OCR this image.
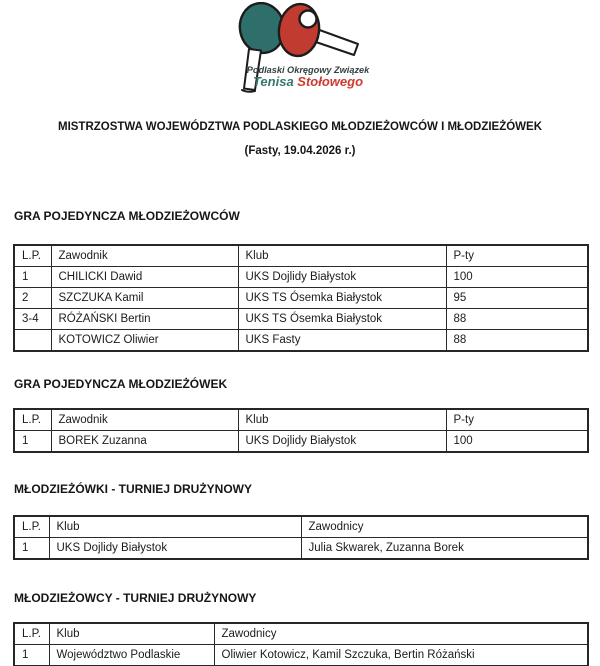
Podlaski Okręgowy Związek
Tenisa Stołowego
MISTRZOSTWA WOJEWÓDZTWA PODLASKIEGO MŁODZIEŻOWCÓW I MŁODZIEŻÓWEK
(Fasty, 19.04.2026 r.)
GRA POJEDYNCZA MŁODZIEŻOWCÓW
L.P.	Zawodnik	Klub	P-ty
1	CHILICKI Dawid	UKS Dojlidy Białystok	100
2	SZCZUKA Kamil	UKS TS Ósemka Białystok	95
3-4	RÓŻAŃSKI Bertin	UKS TS Ósemka Białystok	88
	KOTOWICZ Oliwier	UKS Fasty	88
GRA POJEDYNCZA MŁODZIEŻÓWEK
L.P.	Zawodnik	Klub	P-ty
1	BOREK Zuzanna	UKS Dojlidy Białystok	100
MŁODZIEŻÓWKI - TURNIEJ DRUŻYNOWY
L.P.	Klub	Zawodnicy
1	UKS Dojlidy Białystok	Julia Skwarek, Zuzanna Borek
MŁODZIEŻOWCY - TURNIEJ DRUŻYNOWY
L.P.	Klub	Zawodnicy
1	Województwo Podlaskie	Oliwier Kotowicz, Kamil Szczuka, Bertin Różański
